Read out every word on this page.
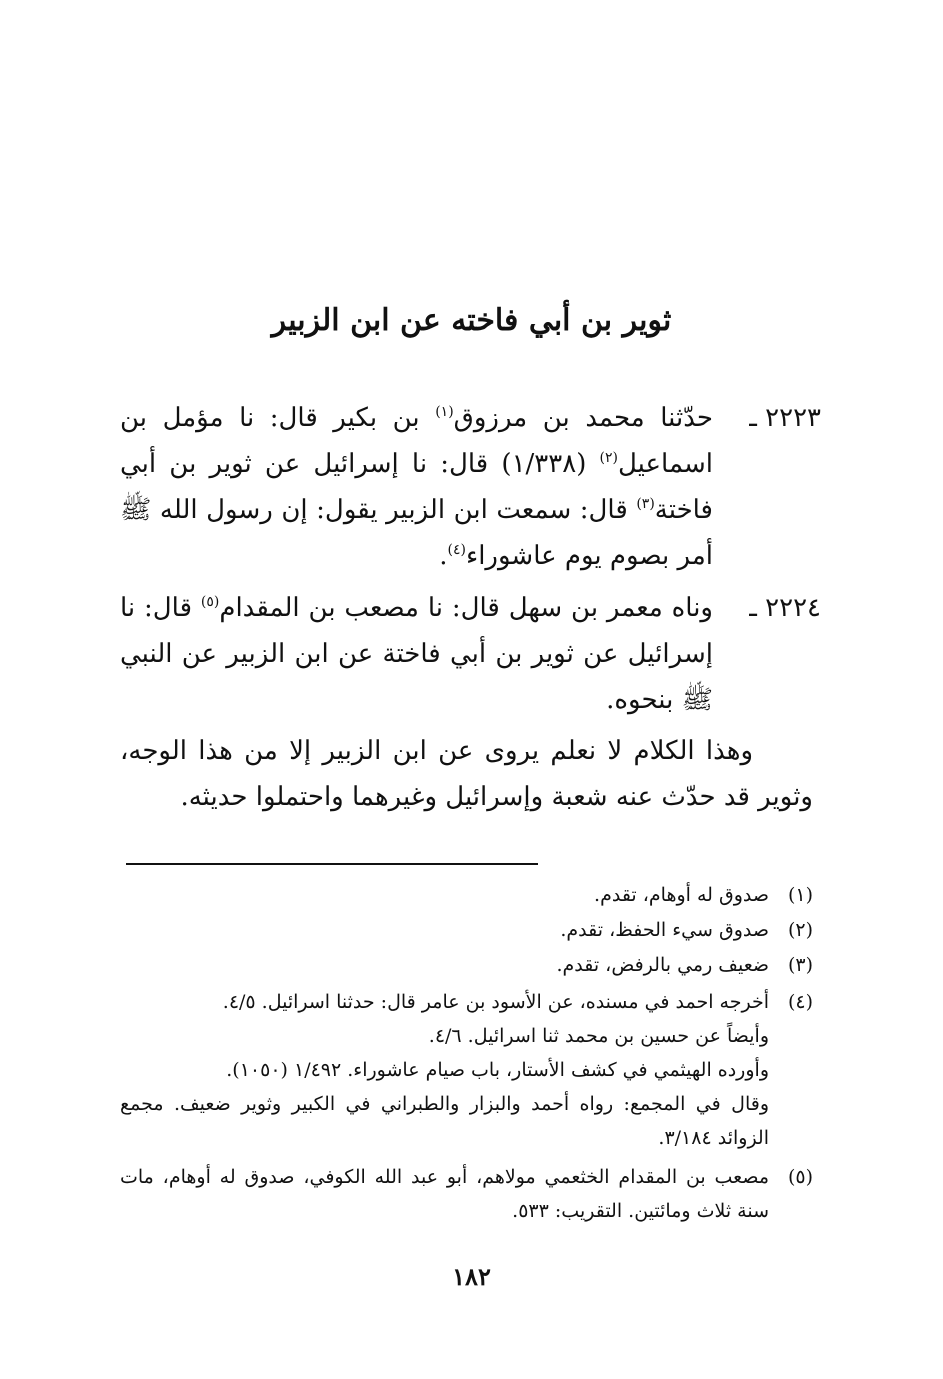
ثوير بن أبي فاخته عن ابن الزبير
٢٢٢٣ ـ
حدّثنا محمد بن مرزوق$^{(١)}$ بن بكير قال: نا مؤمل بن اسماعيل$^{(٢)}$ (١/٣٣٨) قال: نا إسرائيل عن ثوير بن أبي فاختة$^{(٣)}$ قال: سمعت ابن الزبير يقول: إن رسول الله ﷺ أمر بصوم يوم عاشوراء$^{(٤)}$.
٢٢٢٤ ـ
وناه معمر بن سهل قال: نا مصعب بن المقدام$^{(٥)}$ قال: نا إسرائيل عن ثوير بن أبي فاختة عن ابن الزبير عن النبي ﷺ بنحوه.
وهذا الكلام لا نعلم يروى عن ابن الزبير إلا من هذا الوجه، وثوير قد حدّث عنه شعبة وإسرائيل وغيرهما واحتملوا حديثه.
(١)

صدوق له أوهام، تقدم.

(٢)

صدوق سيء الحفظ، تقدم.

(٣)

ضعيف رمي بالرفض، تقدم.

(٤)

أخرجه احمد في مسنده، عن الأسود بن عامر قال: حدثنا اسرائيل. ٤/٥.

وأيضاً عن حسين بن محمد ثنا اسرائيل. ٤/٦.

وأورده الهيثمي في كشف الأستار، باب صيام عاشوراء. ١/٤٩٢ (١٠٥٠).

وقال في المجمع: رواه أحمد والبزار والطبراني في الكبير وثوير ضعيف. مجمع الزوائد ٣/١٨٤.

(٥)

مصعب بن المقدام الخثعمي مولاهم، أبو عبد الله الكوفي، صدوق له أوهام، مات سنة ثلاث ومائتين. التقريب: ٥٣٣.

١٨٢
